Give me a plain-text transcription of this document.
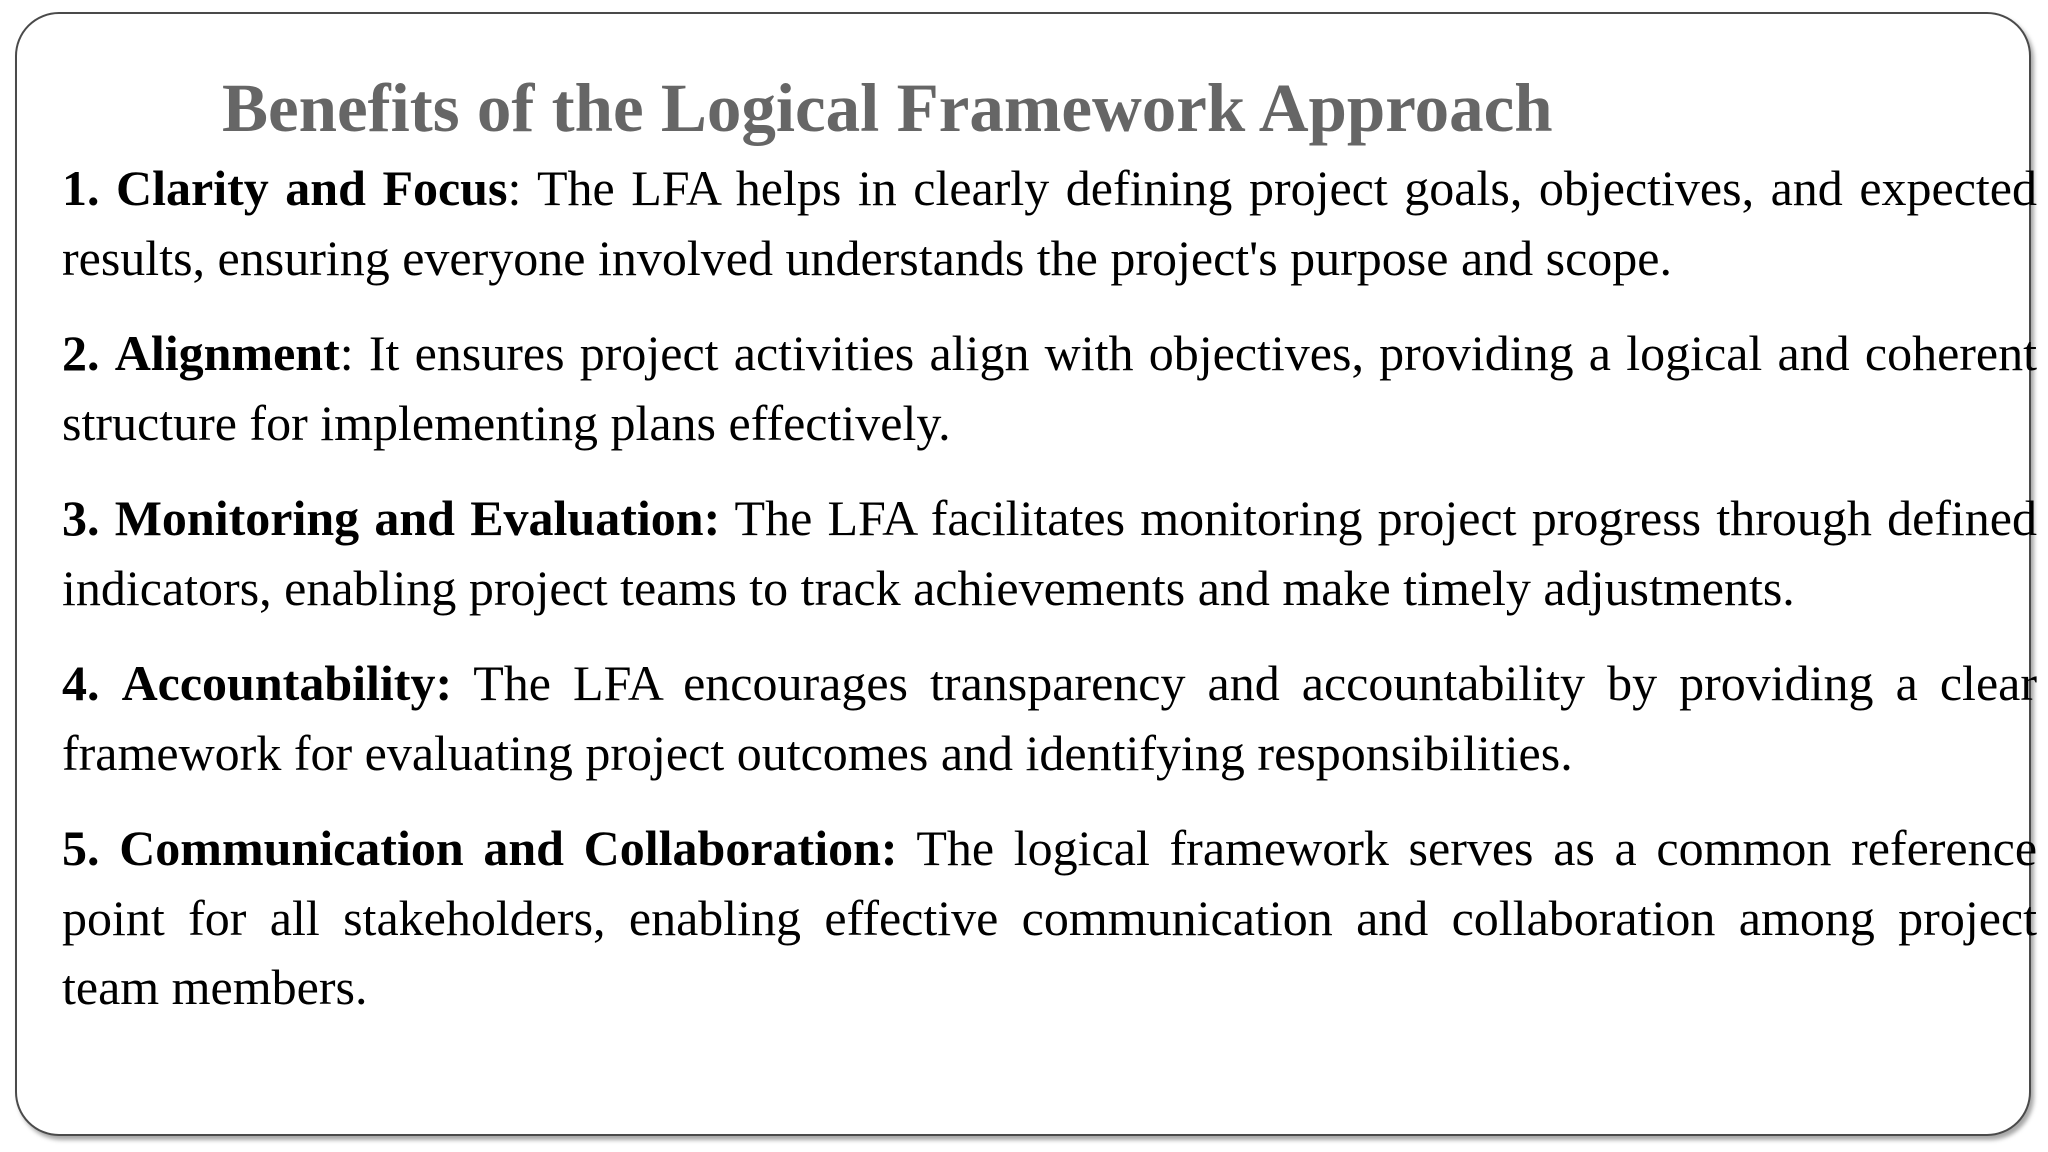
Benefits of the Logical Framework Approach

1. Clarity and Focus: The LFA helps in clearly defining project goals, objectives, and expected results, ensuring everyone involved understands the project's purpose and scope.

2. Alignment: It ensures project activities align with objectives, providing a logical and coherent structure for implementing plans effectively.

3. Monitoring and Evaluation: The LFA facilitates monitoring project progress through defined indicators, enabling project teams to track achievements and make timely adjustments.

4. Accountability: The LFA encourages transparency and accountability by providing a clear framework for evaluating project outcomes and identifying responsibilities.

5. Communication and Collaboration: The logical framework serves as a common reference point for all stakeholders, enabling effective communication and collaboration among project team members.
